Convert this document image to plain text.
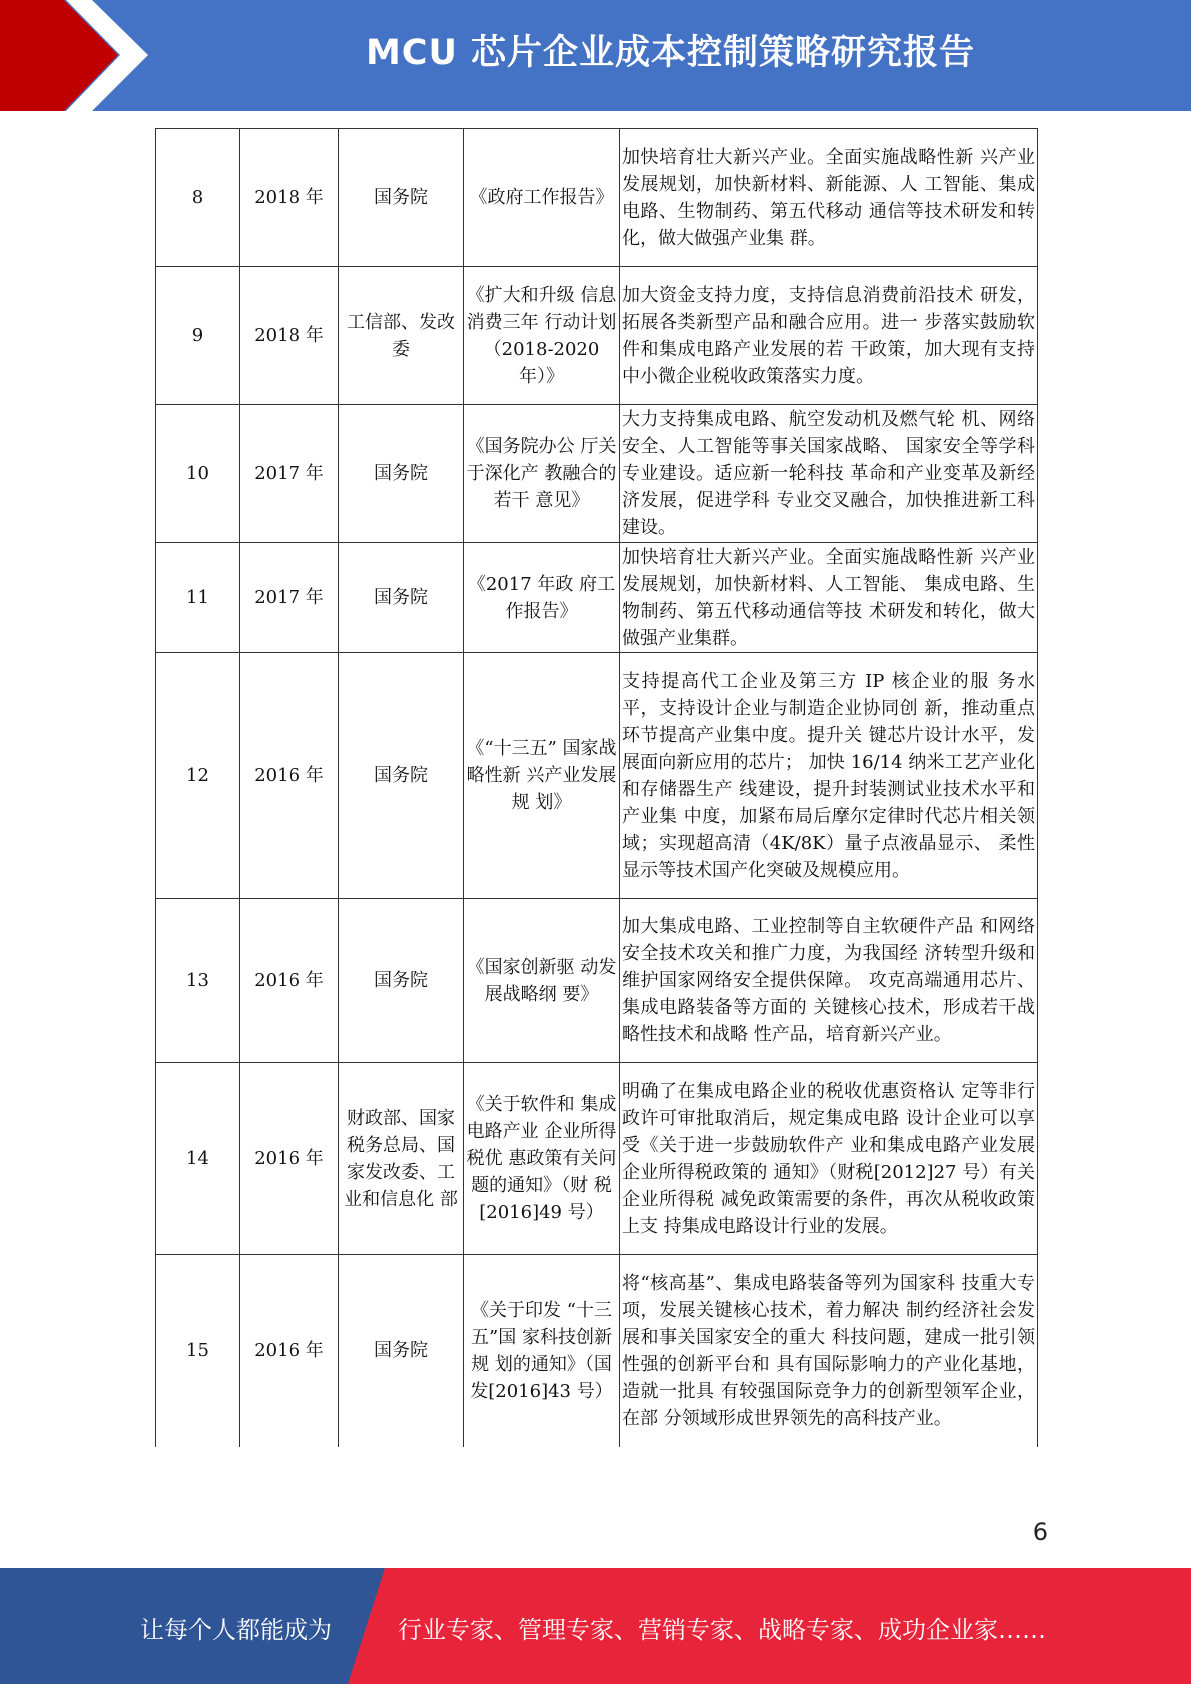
MCU 芯片企业成本控制策略研究报告
8	2018 年	国务院	《政府工作报告》	加快培育壮大新兴产业。全面实施战略性新 兴产业发展规划，加快新材料、新能源、人 工智能、集成电路、生物制药、第五代移动 通信等技术研发和转化，做大做强产业集 群。
9	2018 年	工信部、发改委	《扩大和升级 信息消费三年 行动计划（2018-2020 年）》	加大资金支持力度，支持信息消费前沿技术 研发，拓展各类新型产品和融合应用。进一 步落实鼓励软件和集成电路产业发展的若 干政策，加大现有支持中小微企业税收政策落实力度。
10	2017 年	国务院	《国务院办公 厅关于深化产 教融合的若干 意见》	大力支持集成电路、航空发动机及燃气轮 机、网络安全、人工智能等事关国家战略、 国家安全等学科专业建设。适应新一轮科技 革命和产业变革及新经济发展，促进学科 专业交叉融合，加快推进新工科建设。
11	2017 年	国务院	《2017 年政 府工作报告》	加快培育壮大新兴产业。全面实施战略性新 兴产业发展规划，加快新材料、人工智能、 集成电路、生物制药、第五代移动通信等技 术研发和转化，做大做强产业集群。
12	2016 年	国务院	《“十三五” 国家战略性新 兴产业发展规 划》	支持提高代工企业及第三方 IP 核企业的服 务水平，支持设计企业与制造企业协同创 新，推动重点环节提高产业集中度。提升关 键芯片设计水平，发展面向新应用的芯片； 加快 16/14 纳米工艺产业化和存储器生产 线建设，提升封装测试业技术水平和产业集 中度，加紧布局后摩尔定律时代芯片相关领 域；实现超高清（4K/8K）量子点液晶显示、 柔性显示等技术国产化突破及规模应用。
13	2016 年	国务院	《国家创新驱 动发展战略纲 要》	加大集成电路、工业控制等自主软硬件产品 和网络安全技术攻关和推广力度，为我国经 济转型升级和维护国家网络安全提供保障。 攻克高端通用芯片、集成电路装备等方面的 关键核心技术，形成若干战略性技术和战略 性产品，培育新兴产业。
14	2016 年	财政部、国家税务总局、国家发改委、工业和信息化 部	《关于软件和 集成电路产业 企业所得税优 惠政策有关问 题的通知》（财 税[2016]49 号）	明确了在集成电路企业的税收优惠资格认 定等非行政许可审批取消后，规定集成电路 设计企业可以享受《关于进一步鼓励软件产 业和集成电路产业发展企业所得税政策的 通知》（财税[2012]27 号）有关企业所得税 减免政策需要的条件，再次从税收政策上支 持集成电路设计行业的发展。
15	2016 年	国务院	《关于印发 “十三五”国 家科技创新规 划的通知》（国 发[2016]43 号）	将“核高基”、集成电路装备等列为国家科 技重大专项，发展关键核心技术，着力解决 制约经济社会发展和事关国家安全的重大 科技问题，建成一批引领性强的创新平台和 具有国际影响力的产业化基地，造就一批具 有较强国际竞争力的创新型领军企业，在部 分领域形成世界领先的高科技产业。
6
让每个人都能成为	行业专家、管理专家、营销专家、战略专家、成功企业家……
